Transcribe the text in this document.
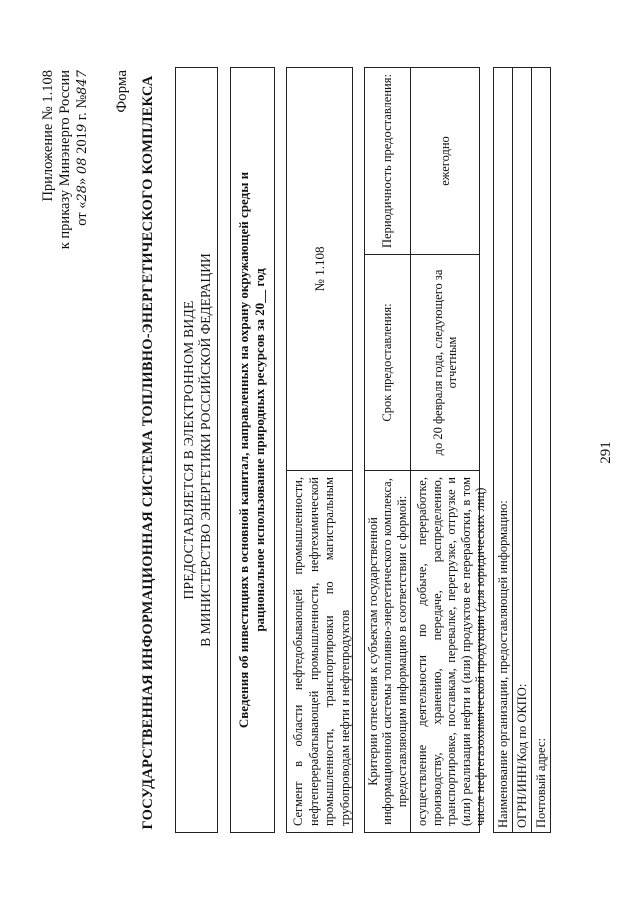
291
Приложение № 1.108 к приказу Минэнерго России от «28» 08 2019 г. №847 Форма ГОСУДАРСТВЕННАЯ ИНФОРМАЦИОННАЯ СИСТЕМА ТОПЛИВНО-ЭНЕРГЕТИЧЕСКОГО КОМПЛЕКСА ПРЕДОСТАВЛЯЕТСЯ В ЭЛЕКТРОННОМ ВИДЕ В МИНИСТЕРСТВО ЭНЕРГЕТИКИ РОССИЙСКОЙ ФЕДЕРАЦИИ Сведения об инвестициях в основной капитал, направленных на охрану окружающей среды и рациональное использование природных ресурсов за 20__ год
Сегмент в области нефтедобывающей промышленности, нефтеперерабатывающей промышленности, нефтехимической промышленности, транспортировки по магистральным трубопроводам нефти и нефтепродуктов
№ 1.108
Критерии отнесения к субъектам государственной информационной системы топливно-энергетического комплекса, предоставляющим информацию в соответствии с формой: осуществление деятельности по добыче, переработке, производству, хранению, передаче, распределению, транспортировке, поставкам, перевалке, перегрузке, отгрузке и (или) реализации нефти и (или) продуктов ее переработки, в том числе нефтегазохимической продукции (для юридических лиц)
Срок предоставления:	до 20 февраля года, следующего за отчетным
Периодичность предоставления:	ежегодно
Наименование организации, предоставляющей информацию: ОГРН/ИНН/Код по ОКПО: Почтовый адрес:
